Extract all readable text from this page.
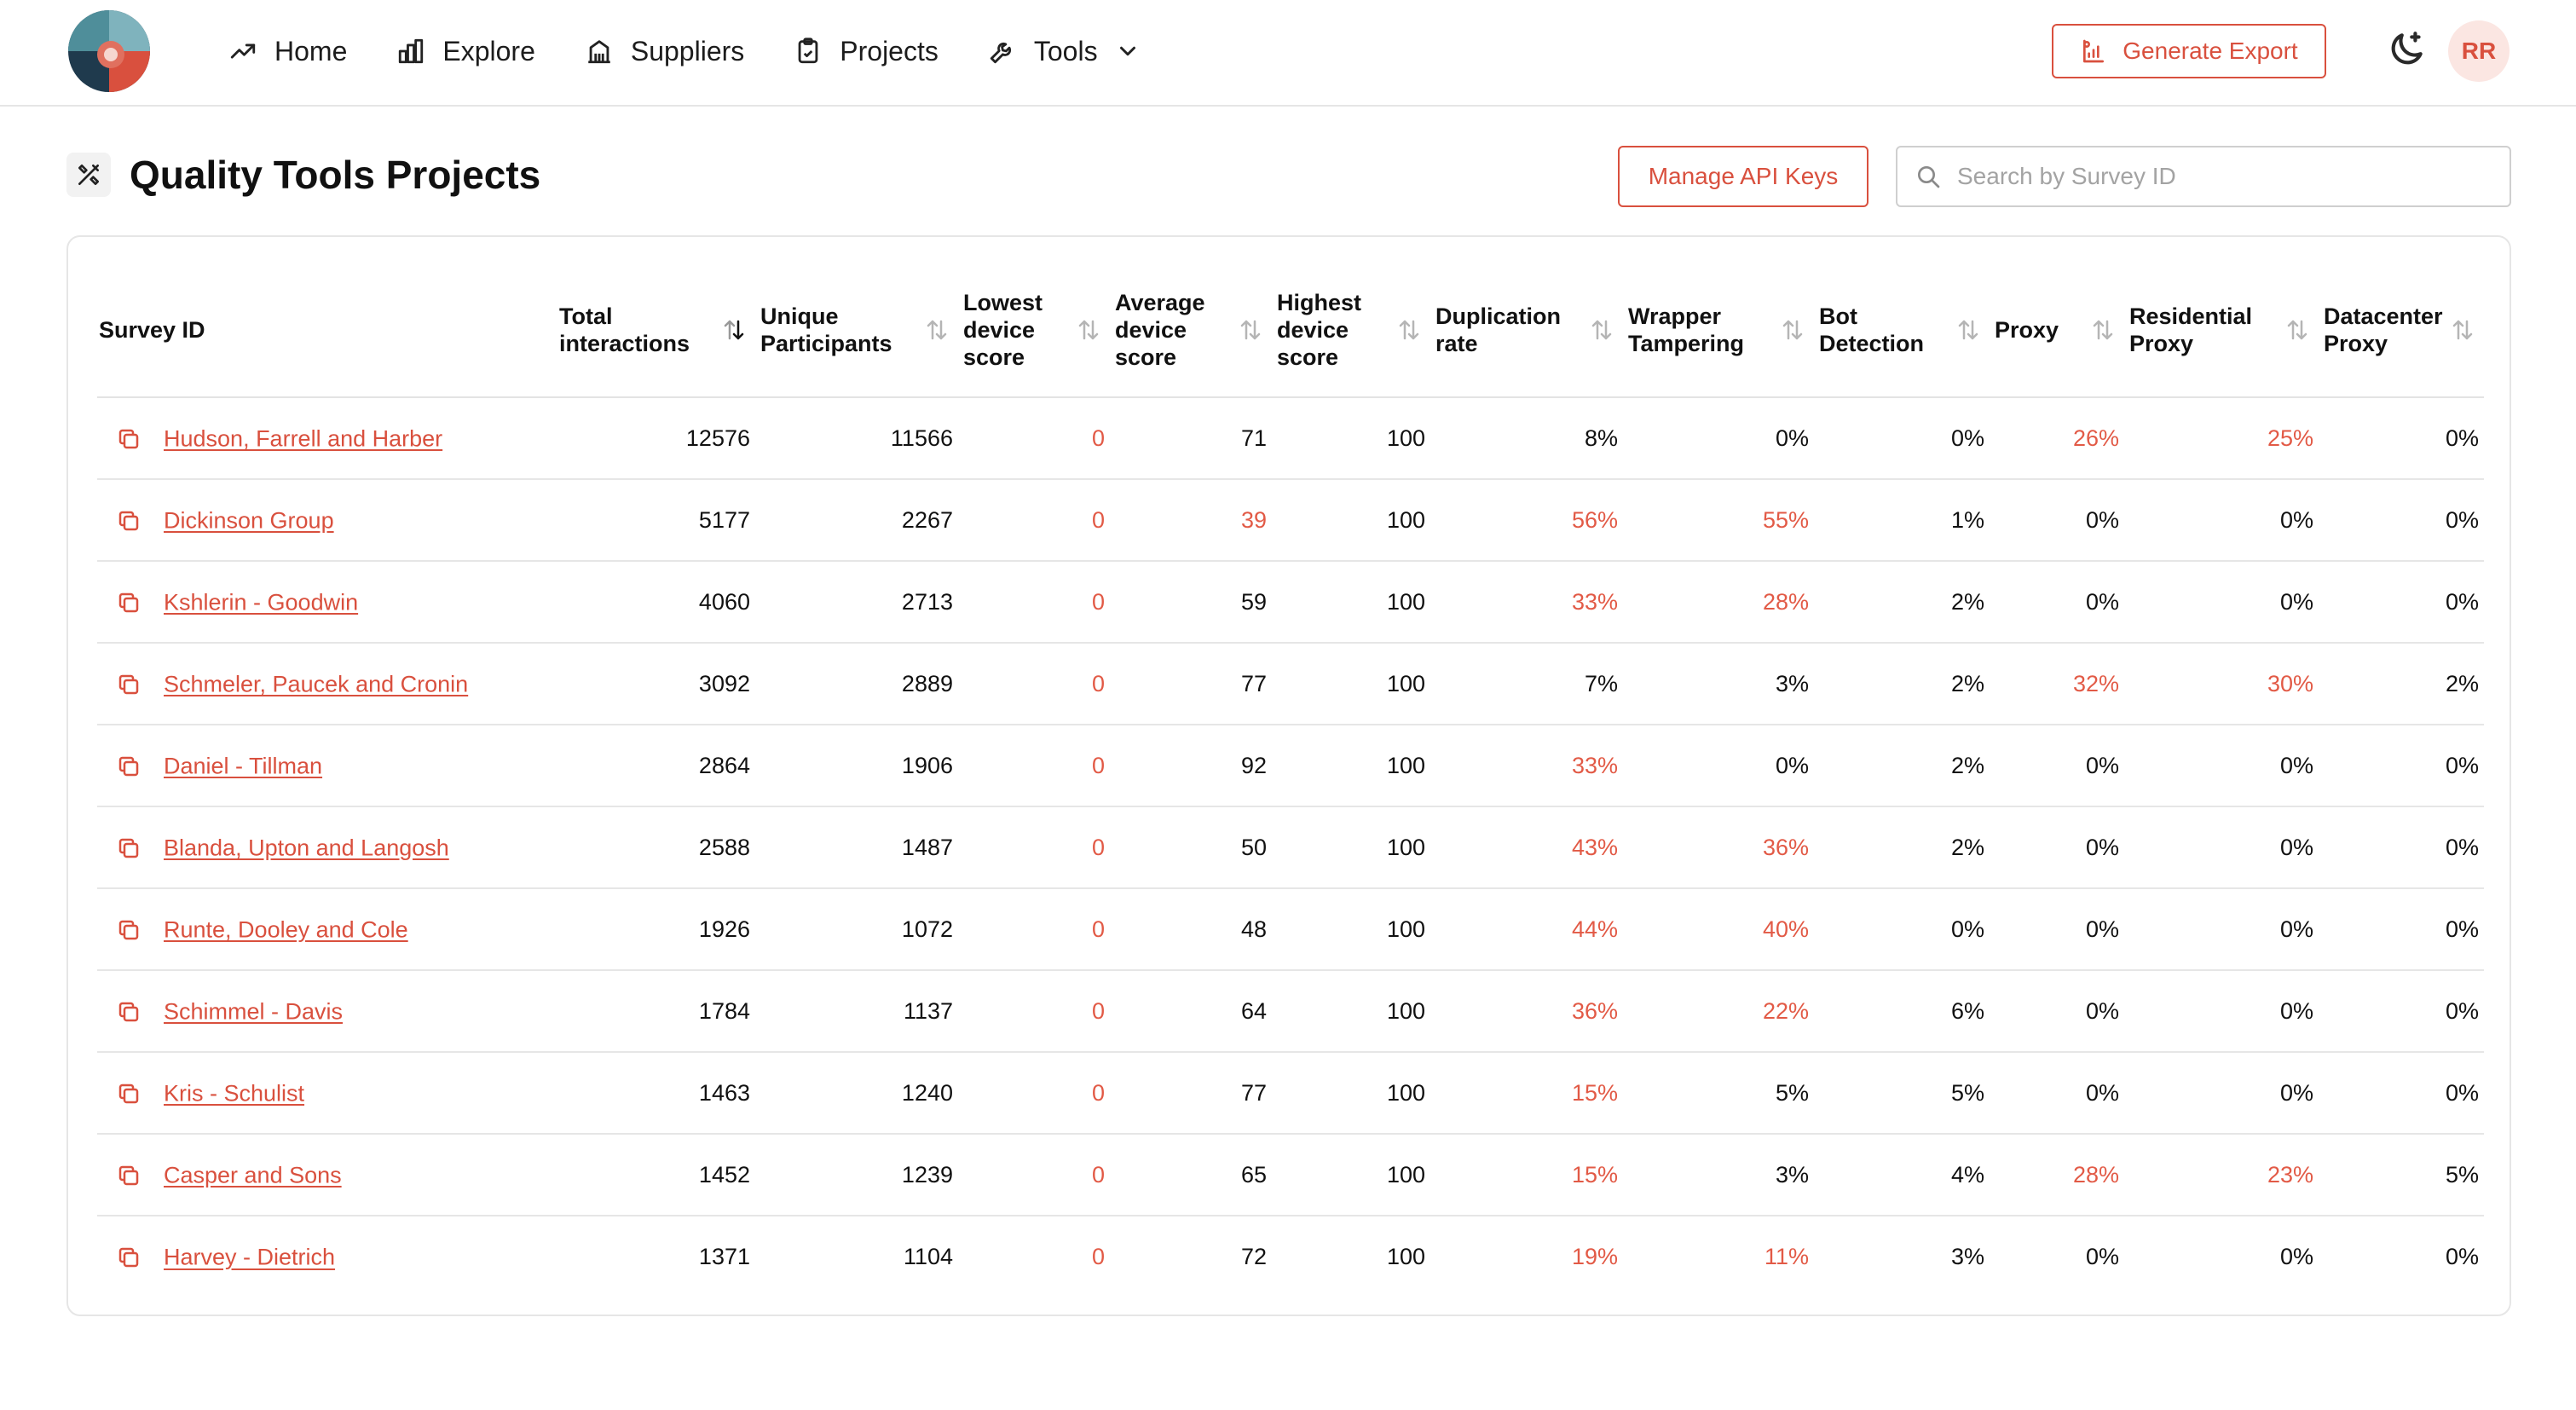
Home	Explore	Suppliers	Projects	Tools	Generate Export	RR
Quality Tools Projects	Manage API Keys
Search by Survey ID
Survey ID	Total interactions	Unique Participants	Lowest device score	Average device score	Highest device score	Duplication rate	Wrapper Tampering	Bot Detection	Proxy	Residential Proxy	Datacenter Proxy

Hudson, Farrell and Harber	12576	11566	0	71	100	8%	0%	0%	26%	25%	0%
Dickinson Group	5177	2267	0	39	100	56%	55%	1%	0%	0%	0%
Kshlerin - Goodwin	4060	2713	0	59	100	33%	28%	2%	0%	0%	0%
Schmeler, Paucek and Cronin	3092	2889	0	77	100	7%	3%	2%	32%	30%	2%
Daniel - Tillman	2864	1906	0	92	100	33%	0%	2%	0%	0%	0%
Blanda, Upton and Langosh	2588	1487	0	50	100	43%	36%	2%	0%	0%	0%
Runte, Dooley and Cole	1926	1072	0	48	100	44%	40%	0%	0%	0%	0%
Schimmel - Davis	1784	1137	0	64	100	36%	22%	6%	0%	0%	0%
Kris - Schulist	1463	1240	0	77	100	15%	5%	5%	0%	0%	0%
Casper and Sons	1452	1239	0	65	100	15%	3%	4%	28%	23%	5%
Harvey - Dietrich	1371	1104	0	72	100	19%	11%	3%	0%	0%	0%
